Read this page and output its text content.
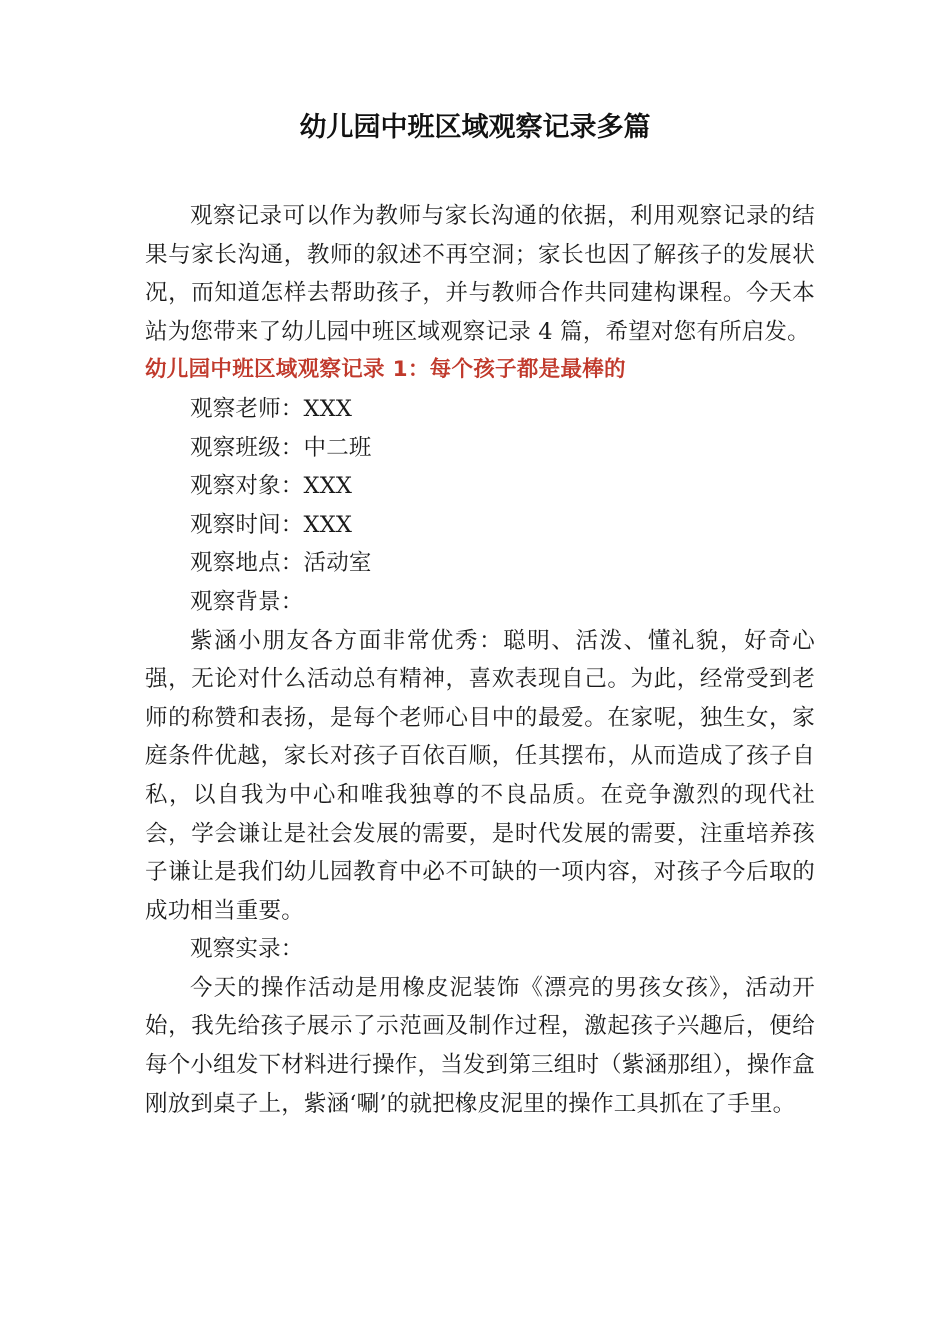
幼儿园中班区域观察记录多篇

观察记录可以作为教师与家长沟通的依据，利用观察记录的结果与家长沟通，教师的叙述不再空洞；家长也因了解孩子的发展状况，而知道怎样去帮助孩子，并与教师合作共同建构课程。今天本站为您带来了幼儿园中班区域观察记录 4 篇，希望对您有所启发。

幼儿园中班区域观察记录 1：每个孩子都是最棒的

观察老师：XXX

观察班级：中二班

观察对象：XXX

观察时间：XXX

观察地点：活动室

观察背景：

紫涵小朋友各方面非常优秀：聪明、活泼、懂礼貌，好奇心强，无论对什么活动总有精神，喜欢表现自己。为此，经常受到老师的称赞和表扬，是每个老师心目中的最爱。在家呢，独生女，家庭条件优越，家长对孩子百依百顺，任其摆布，从而造成了孩子自私，以自我为中心和唯我独尊的不良品质。在竞争激烈的现代社会，学会谦让是社会发展的需要，是时代发展的需要，注重培养孩子谦让是我们幼儿园教育中必不可缺的一项内容，对孩子今后取的成功相当重要。

观察实录：

今天的操作活动是用橡皮泥装饰《漂亮的男孩女孩》，活动开始，我先给孩子展示了示范画及制作过程，激起孩子兴趣后，便给每个小组发下材料进行操作，当发到第三组时（紫涵那组），操作盒刚放到桌子上，紫涵‘唰’的就把橡皮泥里的操作工具抓在了手里。
